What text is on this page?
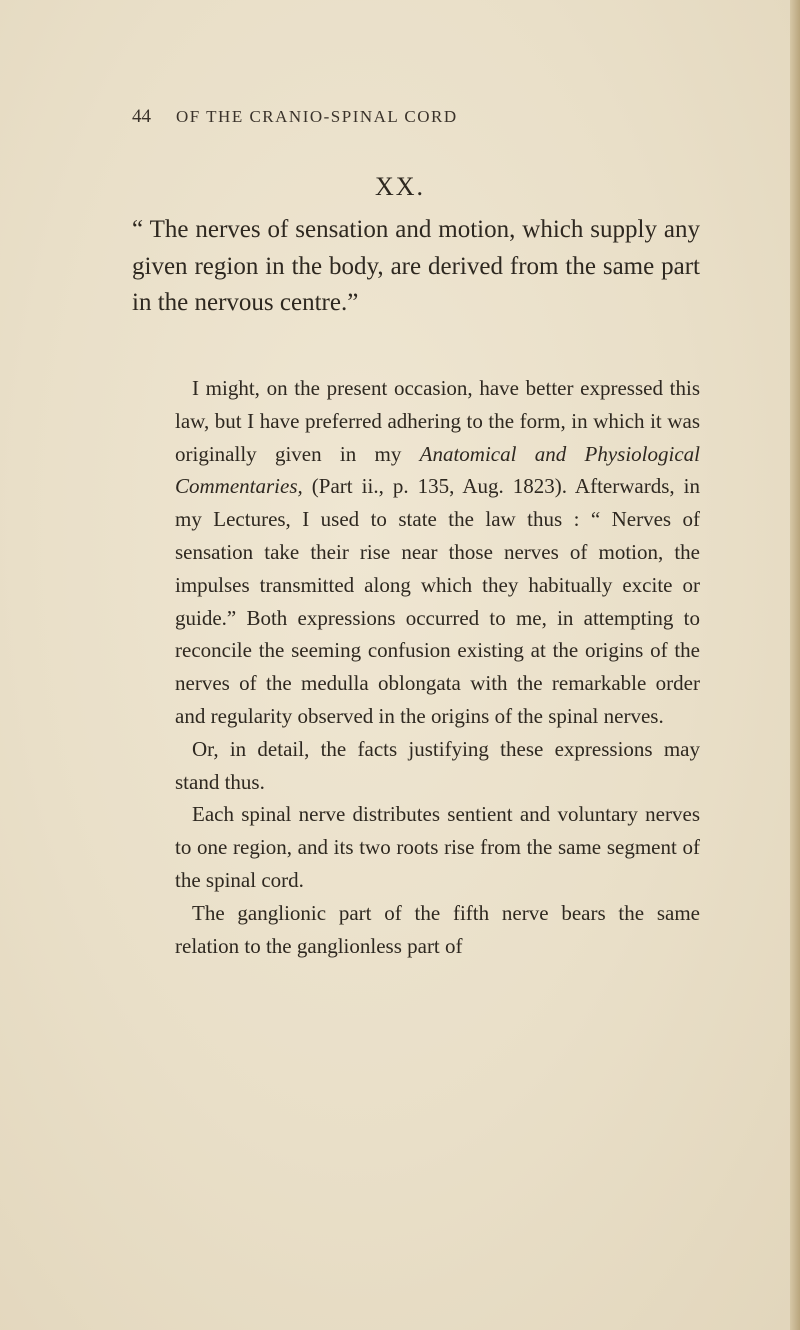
44 OF THE CRANIO-SPINAL CORD
XX.
“ The nerves of sensation and motion, which supply any given region in the body, are derived from the same part in the nervous centre.”

I might, on the present occasion, have better expressed this law, but I have preferred adhering to the form, in which it was originally given in my Anatomical and Physiological Commentaries, (Part ii., p. 135, Aug. 1823). Afterwards, in my Lectures, I used to state the law thus : “ Nerves of sensation take their rise near those nerves of motion, the impulses transmitted along which they habitually excite or guide.” Both expressions occurred to me, in attempting to reconcile the seeming confusion existing at the origins of the nerves of the medulla oblongata with the remarkable order and regularity observed in the origins of the spinal nerves.

Or, in detail, the facts justifying these expressions may stand thus.

Each spinal nerve distributes sentient and voluntary nerves to one region, and its two roots rise from the same segment of the spinal cord.

The ganglionic part of the fifth nerve bears the same relation to the ganglionless part of
